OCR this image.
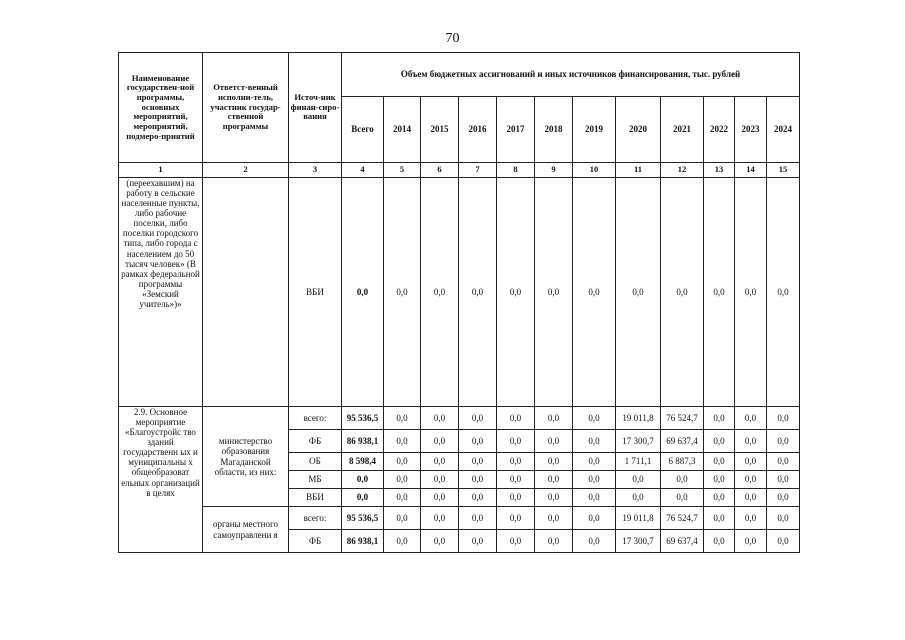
70
Наименование государствен-ной программы, основных мероприятий, мероприятий, подмеро-приятий	Ответст-венный исполни-тель, участник государ-ственной программы	Источ-ник финан-сиро-вания	Объем бюджетных ассигнований и иных источников финансирования, тыс. рублей											
			Всего	2014	2015	2016	2017	2018	2019	2020	2021	2022	2023	2024
1	2	3	4	5	6	7	8	9	10	11	12	13	14	15
(переехавшим) на работу в сельские населенные пункты, либо рабочие поселки, либо поселки городского типа, либо города с населением до 50 тысяч человек» (В рамках федеральной программы «Земский учитель»)»		ВБИ	0,0	0,0	0,0	0,0	0,0	0,0	0,0	0,0	0,0	0,0	0,0	0,0
2.9. Основное мероприятие «Благоустройс тво зданий государственн ых и муниципальны х общеобразоват ельных организаций в целях	министерство образования Магаданской области, из них:	всего:	95 536,5	0,0	0,0	0,0	0,0	0,0	0,0	19 011,8	76 524,7	0,0	0,0	0,0
		ФБ	86 938,1	0,0	0,0	0,0	0,0	0,0	0,0	17 300,7	69 637,4	0,0	0,0	0,0
		ОБ	8 598,4	0,0	0,0	0,0	0,0	0,0	0,0	1 711,1	6 887,3	0,0	0,0	0,0
		МБ	0,0	0,0	0,0	0,0	0,0	0,0	0,0	0,0	0,0	0,0	0,0	0,0
		ВБИ	0,0	0,0	0,0	0,0	0,0	0,0	0,0	0,0	0,0	0,0	0,0	0,0
	органы местного самоуправлени я	всего:	95 536,5	0,0	0,0	0,0	0,0	0,0	0,0	19 011,8	76 524,7	0,0	0,0	0,0
		ФБ	86 938,1	0,0	0,0	0,0	0,0	0,0	0,0	17 300,7	69 637,4	0,0	0,0	0,0
